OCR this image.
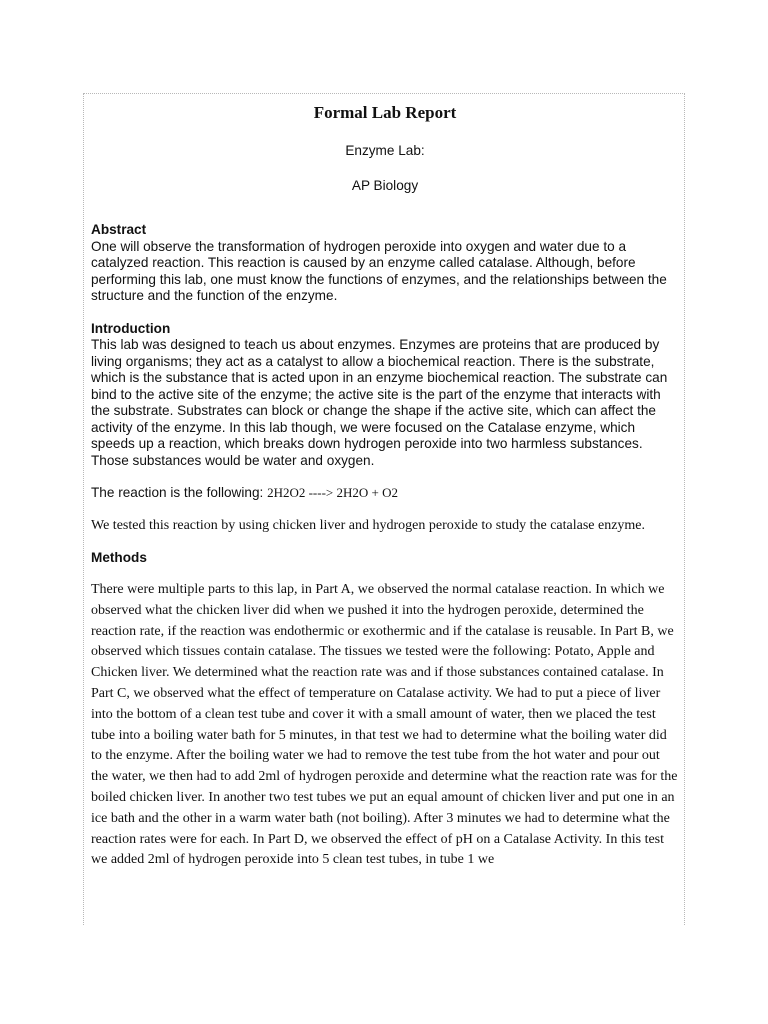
Formal Lab Report
Enzyme Lab:
AP Biology
Abstract

One will observe the transformation of hydrogen peroxide into oxygen and water due to a catalyzed reaction. This reaction is caused by an enzyme called catalase. Although, before performing this lab, one must know the functions of enzymes, and the relationships between the structure and the function of the enzyme.

Introduction

This lab was designed to teach us about enzymes. Enzymes are proteins that are produced by living organisms; they act as a catalyst to allow a biochemical reaction. There is the substrate, which is the substance that is acted upon in an enzyme biochemical reaction. The substrate can bind to the active site of the enzyme; the active site is the part of the enzyme that interacts with the substrate. Substrates can block or change the shape if the active site, which can affect the activity of the enzyme. In this lab though, we were focused on the Catalase enzyme, which speeds up a reaction, which breaks down hydrogen peroxide into two harmless substances. Those substances would be water and oxygen.

The reaction is the following: 2H2O2 ----> 2H2O + O2

We tested this reaction by using chicken liver and hydrogen peroxide to study the catalase enzyme.

Methods

There were multiple parts to this lap, in Part A, we observed the normal catalase reaction. In which we observed what the chicken liver did when we pushed it into the hydrogen peroxide, determined the reaction rate, if the reaction was endothermic or exothermic and if the catalase is reusable. In Part B, we observed which tissues contain catalase. The tissues we tested were the following: Potato, Apple and Chicken liver. We determined what the reaction rate was and if those substances contained catalase. In Part C, we observed what the effect of temperature on Catalase activity. We had to put a piece of liver into the bottom of a clean test tube and cover it with a small amount of water, then we placed the test tube into a boiling water bath for 5 minutes, in that test we had to determine what the boiling water did to the enzyme. After the boiling water we had to remove the test tube from the hot water and pour out the water, we then had to add 2ml of hydrogen peroxide and determine what the reaction rate was for the boiled chicken liver. In another two test tubes we put an equal amount of chicken liver and put one in an ice bath and the other in a warm water bath (not boiling). After 3 minutes we had to determine what the reaction rates were for each. In Part D, we observed the effect of pH on a Catalase Activity. In this test we added 2ml of hydrogen peroxide into 5 clean test tubes, in tube 1 we
